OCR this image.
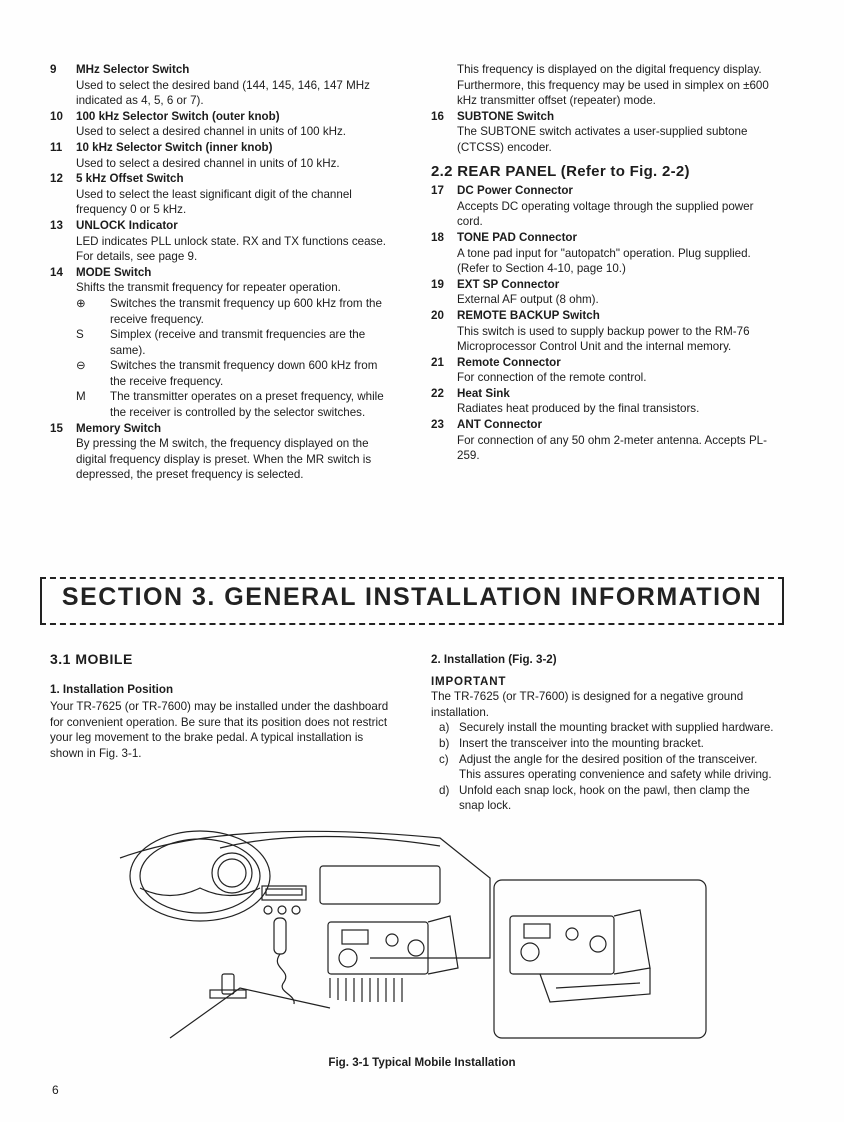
9 MHz Selector Switch
Used to select the desired band (144, 145, 146, 147 MHz indicated as 4, 5, 6 or 7).
10 100 kHz Selector Switch (outer knob)
Used to select a desired channel in units of 100 kHz.
11 10 kHz Selector Switch (inner knob)
Used to select a desired channel in units of 10 kHz.
12 5 kHz Offset Switch
Used to select the least significant digit of the channel frequency 0 or 5 kHz.
13 UNLOCK Indicator
LED indicates PLL unlock state. RX and TX functions cease. For details, see page 9.
14 MODE Switch
Shifts the transmit frequency for repeater operation.
⊕	Switches the transmit frequency up 600 kHz from the receive frequency.
S	Simplex (receive and transmit frequencies are the same).
⊖	Switches the transmit frequency down 600 kHz from the receive frequency.
M	The transmitter operates on a preset frequency, while the receiver is controlled by the selector switches.
15 Memory Switch
By pressing the M switch, the frequency displayed on the digital frequency display is preset. When the MR switch is depressed, the preset frequency is selected.
This frequency is displayed on the digital frequency display. Furthermore, this frequency may be used in simplex on ±600 kHz transmitter offset (repeater) mode.
16 SUBTONE Switch
The SUBTONE switch activates a user-supplied subtone (CTCSS) encoder.
2.2 REAR PANEL (Refer to Fig. 2-2)
17 DC Power Connector
Accepts DC operating voltage through the supplied power cord.
18 TONE PAD Connector
A tone pad input for "autopatch" operation. Plug supplied. (Refer to Section 4-10, page 10.)
19 EXT SP Connector
External AF output (8 ohm).
20 REMOTE BACKUP Switch
This switch is used to supply backup power to the RM-76 Microprocessor Control Unit and the internal memory.
21 Remote Connector
For connection of the remote control.
22 Heat Sink
Radiates heat produced by the final transistors.
23 ANT Connector
For connection of any 50 ohm 2-meter antenna. Accepts PL-259.
SECTION 3. GENERAL INSTALLATION INFORMATION
3.1 MOBILE
1. Installation Position
Your TR-7625 (or TR-7600) may be installed under the dashboard for convenient operation. Be sure that its position does not restrict your leg movement to the brake pedal. A typical installation is shown in Fig. 3-1.
2. Installation (Fig. 3-2)
IMPORTANT
The TR-7625 (or TR-7600) is designed for a negative ground installation.
a) Securely install the mounting bracket with supplied hardware.
b) Insert the transceiver into the mounting bracket.
c) Adjust the angle for the desired position of the transceiver. This assures operating convenience and safety while driving.
d) Unfold each snap lock, hook on the pawl, then clamp the snap lock.
Fig. 3-1 Typical Mobile Installation
6
